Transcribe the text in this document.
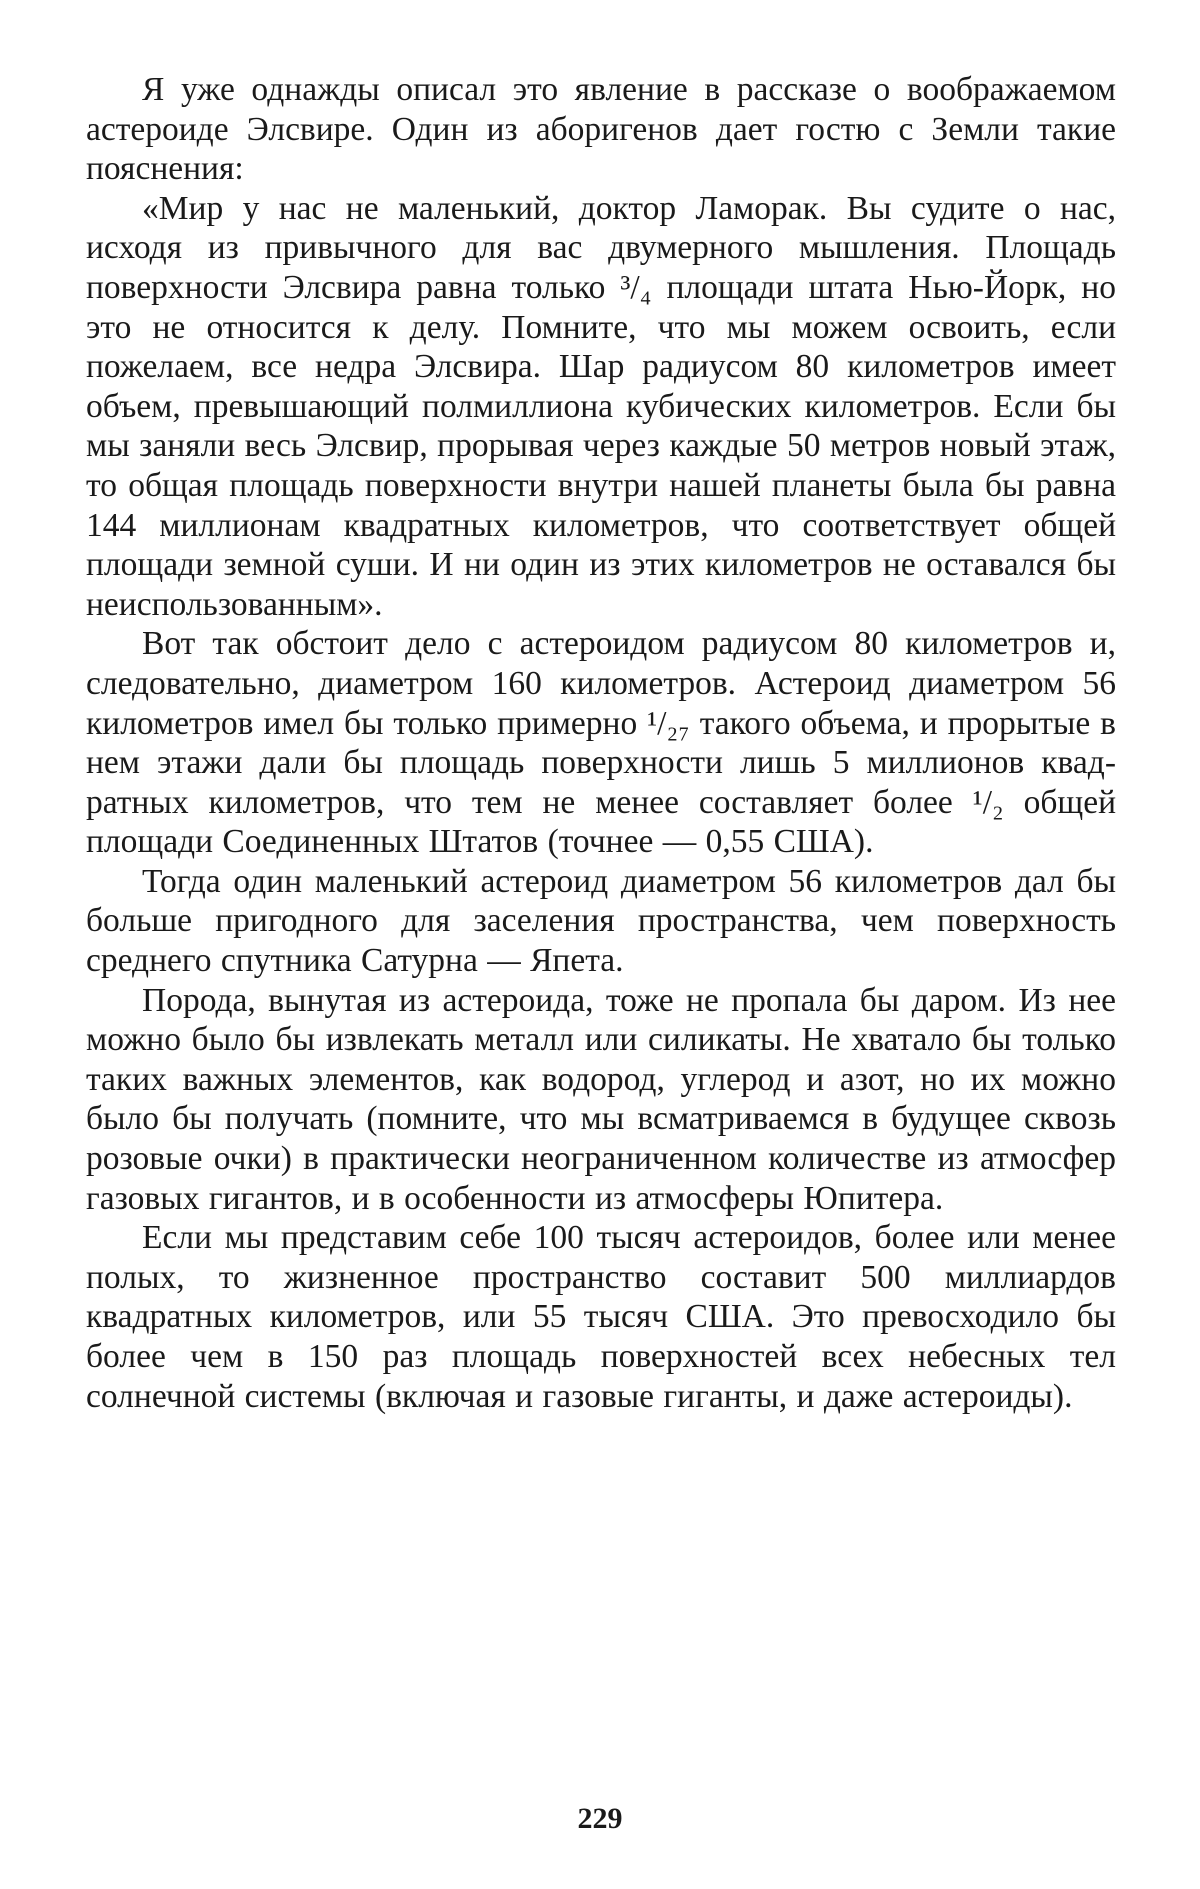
Я уже однажды описал это явление в рассказе о воображаемом астероиде Элсвире. Один из аборигенов дает гостю с Земли такие пояснения:

«Мир у нас не маленький, доктор Ламорак. Вы судите о нас, исходя из привычного для вас двумерного мышления. Площадь поверхности Элсвира равна только ³/₄ площади штата Нью-Йорк, но это не относится к делу. Помните, что мы можем освоить, если пожелаем, все недра Элсвира. Шар радиусом 80 километров имеет объем, превышающий полмиллиона кубических километров. Если бы мы заняли весь Элсвир, прорывая через каждые 50 метров новый этаж, то общая площадь поверхности внутри нашей планеты была бы равна 144 миллионам квадратных километров, что соответствует общей площади земной суши. И ни один из этих километров не оставался бы неиспользованным».

Вот так обстоит дело с астероидом радиусом 80 километров и, следовательно, диаметром 160 километров. Астероид диаметром 56 километров имел бы только примерно ¹/₂₇ такого объема, и прорытые в нем этажи дали бы площадь поверхности лишь 5 миллионов квадратных километров, что тем не менее составляет более ¹/₂ общей площади Соединенных Штатов (точнее — 0,55 США).

Тогда один маленький астероид диаметром 56 километров дал бы больше пригодного для заселения пространства, чем поверхность среднего спутника Сатурна — Япета.

Порода, вынутая из астероида, тоже не пропала бы даром. Из нее можно было бы извлекать металл или силикаты. Не хватало бы только таких важных элементов, как водород, углерод и азот, но их можно было бы получать (помните, что мы всматриваемся в будущее сквозь розовые очки) в практически неограниченном количестве из атмосфер газовых гигантов, и в особенности из атмосферы Юпитера.

Если мы представим себе 100 тысяч астероидов, более или менее полых, то жизненное пространство составит 500 миллиардов квадратных километров, или 55 тысяч США. Это превосходило бы более чем в 150 раз площадь поверхностей всех небесных тел солнечной системы (включая и газовые гиганты, и даже астероиды).

229
